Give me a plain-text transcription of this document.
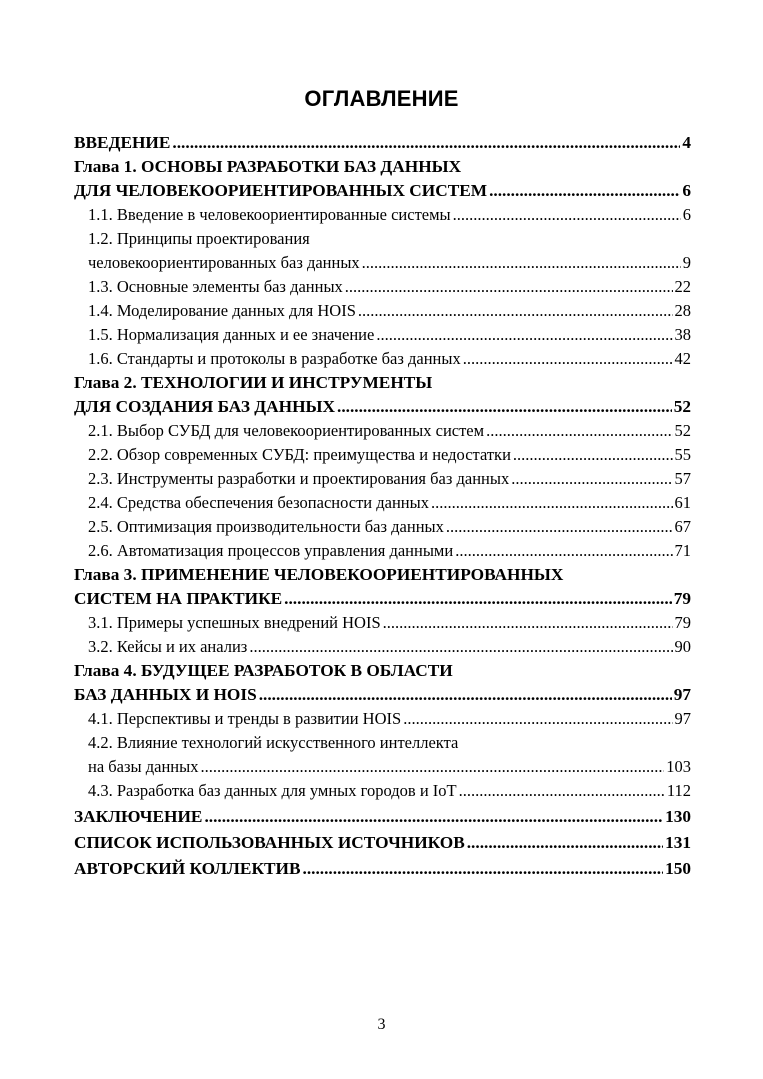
ОГЛАВЛЕНИЕ
ВВЕДЕНИЕ .....	4
Глава 1. ОСНОВЫ РАЗРАБОТКИ БАЗ ДАННЫХ
ДЛЯ ЧЕЛОВЕКООРИЕНТИРОВАННЫХ СИСТЕМ .....	6
1.1. Введение в человекоориентированные системы .....	6
1.2. Принципы проектирования
человекоориентированных баз данных .....	9
1.3. Основные элементы баз данных .....	22
1.4. Моделирование данных для HOIS .....	28
1.5. Нормализация данных и ее значение .....	38
1.6. Стандарты и протоколы в разработке баз данных .....	42
Глава 2. ТЕХНОЛОГИИ И ИНСТРУМЕНТЫ
ДЛЯ СОЗДАНИЯ БАЗ ДАННЫХ .....	52
2.1. Выбор СУБД для человекоориентированных систем .....	52
2.2. Обзор современных СУБД: преимущества и недостатки .....	55
2.3. Инструменты разработки и проектирования баз данных .....	57
2.4. Средства обеспечения безопасности данных .....	61
2.5. Оптимизация производительности баз данных .....	67
2.6. Автоматизация процессов управления данными .....	71
Глава 3. ПРИМЕНЕНИЕ ЧЕЛОВЕКООРИЕНТИРОВАННЫХ
СИСТЕМ НА ПРАКТИКЕ .....	79
3.1. Примеры успешных внедрений HOIS .....	79
3.2. Кейсы и их анализ .....	90
Глава 4. БУДУЩЕЕ РАЗРАБОТОК В ОБЛАСТИ
БАЗ ДАННЫХ И HOIS .....	97
4.1. Перспективы и тренды в развитии HOIS .....	97
4.2. Влияние технологий искусственного интеллекта
на базы данных .....	103
4.3. Разработка баз данных для умных городов и IoT .....	112
ЗАКЛЮЧЕНИЕ .....	130
СПИСОК ИСПОЛЬЗОВАННЫХ ИСТОЧНИКОВ .....	131
АВТОРСКИЙ КОЛЛЕКТИВ .....	150
3
